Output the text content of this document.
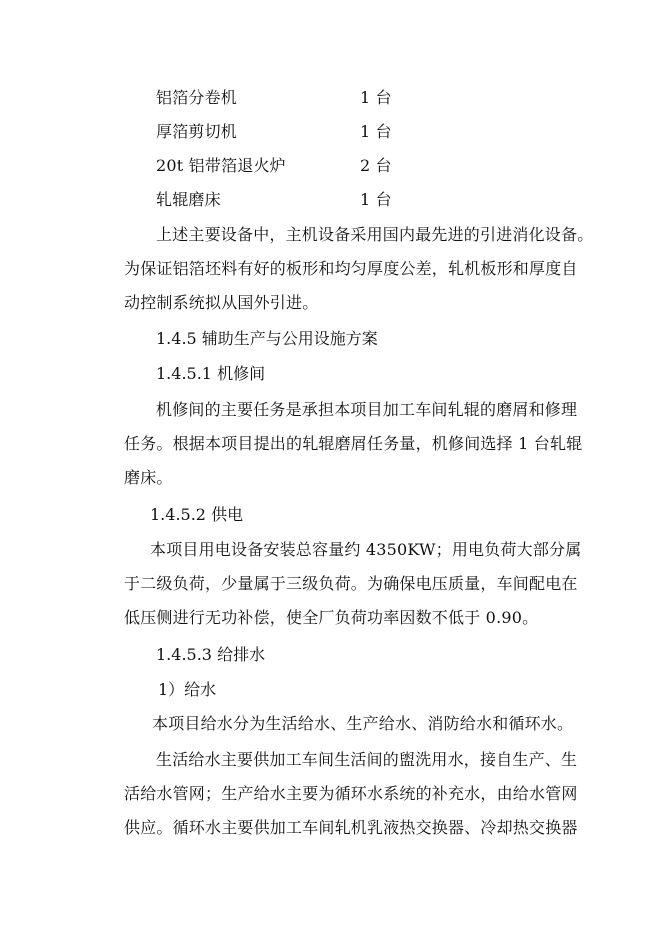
铝箔分卷机	1 台
厚箔剪切机	1 台
20t 铝带箔退火炉	2 台
轧辊磨床	1 台
上述主要设备中，主机设备采用国内最先进的引进消化设备。
为保证铝箔坯料有好的板形和均匀厚度公差，轧机板形和厚度自
动控制系统拟从国外引进。
1.4.5 辅助生产与公用设施方案
1.4.5.1 机修间
机修间的主要任务是承担本项目加工车间轧辊的磨屑和修理
任务。根据本项目提出的轧辊磨屑任务量，机修间选择 1 台轧辊
磨床。
1.4.5.2 供电
本项目用电设备安装总容量约 4350KW；用电负荷大部分属
于二级负荷，少量属于三级负荷。为确保电压质量，车间配电在
低压侧进行无功补偿，使全厂负荷功率因数不低于 0.90。
1.4.5.3 给排水
1）给水
本项目给水分为生活给水、生产给水、消防给水和循环水。
生活给水主要供加工车间生活间的盥洗用水，接自生产、生
活给水管网；生产给水主要为循环水系统的补充水，由给水管网
供应。循环水主要供加工车间轧机乳液热交换器、冷却热交换器
